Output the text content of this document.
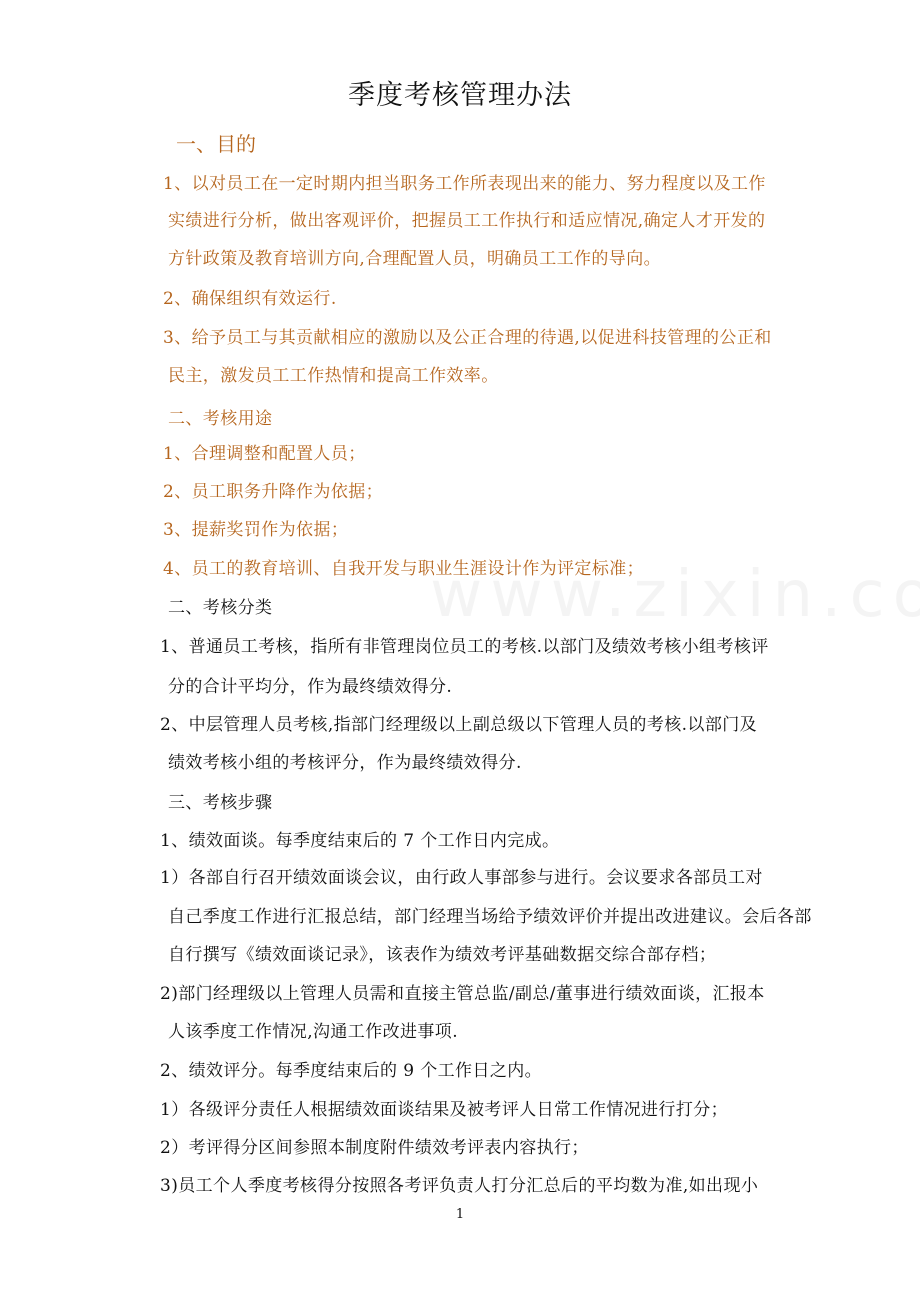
季度考核管理办法
一、目的
1、以对员工在一定时期内担当职务工作所表现出来的能力、努力程度以及工作
实绩进行分析，做出客观评价，把握员工工作执行和适应情况,确定人才开发的
方针政策及教育培训方向,合理配置人员，明确员工工作的导向。
2、确保组织有效运行.
3、给予员工与其贡献相应的激励以及公正合理的待遇,以促进科技管理的公正和
民主，激发员工工作热情和提高工作效率。
二、考核用途
1、合理调整和配置人员；
2、员工职务升降作为依据；
3、提薪奖罚作为依据；
4、员工的教育培训、自我开发与职业生涯设计作为评定标准；
二、考核分类
1、普通员工考核，指所有非管理岗位员工的考核.以部门及绩效考核小组考核评
分的合计平均分，作为最终绩效得分.
2、中层管理人员考核,指部门经理级以上副总级以下管理人员的考核.以部门及
绩效考核小组的考核评分，作为最终绩效得分.
三、考核步骤
1、绩效面谈。每季度结束后的 7 个工作日内完成。
1）各部自行召开绩效面谈会议，由行政人事部参与进行。会议要求各部员工对
自己季度工作进行汇报总结，部门经理当场给予绩效评价并提出改进建议。会后各部
自行撰写《绩效面谈记录》，该表作为绩效考评基础数据交综合部存档；
2)部门经理级以上管理人员需和直接主管总监/副总/董事进行绩效面谈，汇报本
人该季度工作情况,沟通工作改进事项.
2、绩效评分。每季度结束后的 9 个工作日之内。
1）各级评分责任人根据绩效面谈结果及被考评人日常工作情况进行打分；
2）考评得分区间参照本制度附件绩效考评表内容执行；
3)员工个人季度考核得分按照各考评负责人打分汇总后的平均数为准,如出现小
1
